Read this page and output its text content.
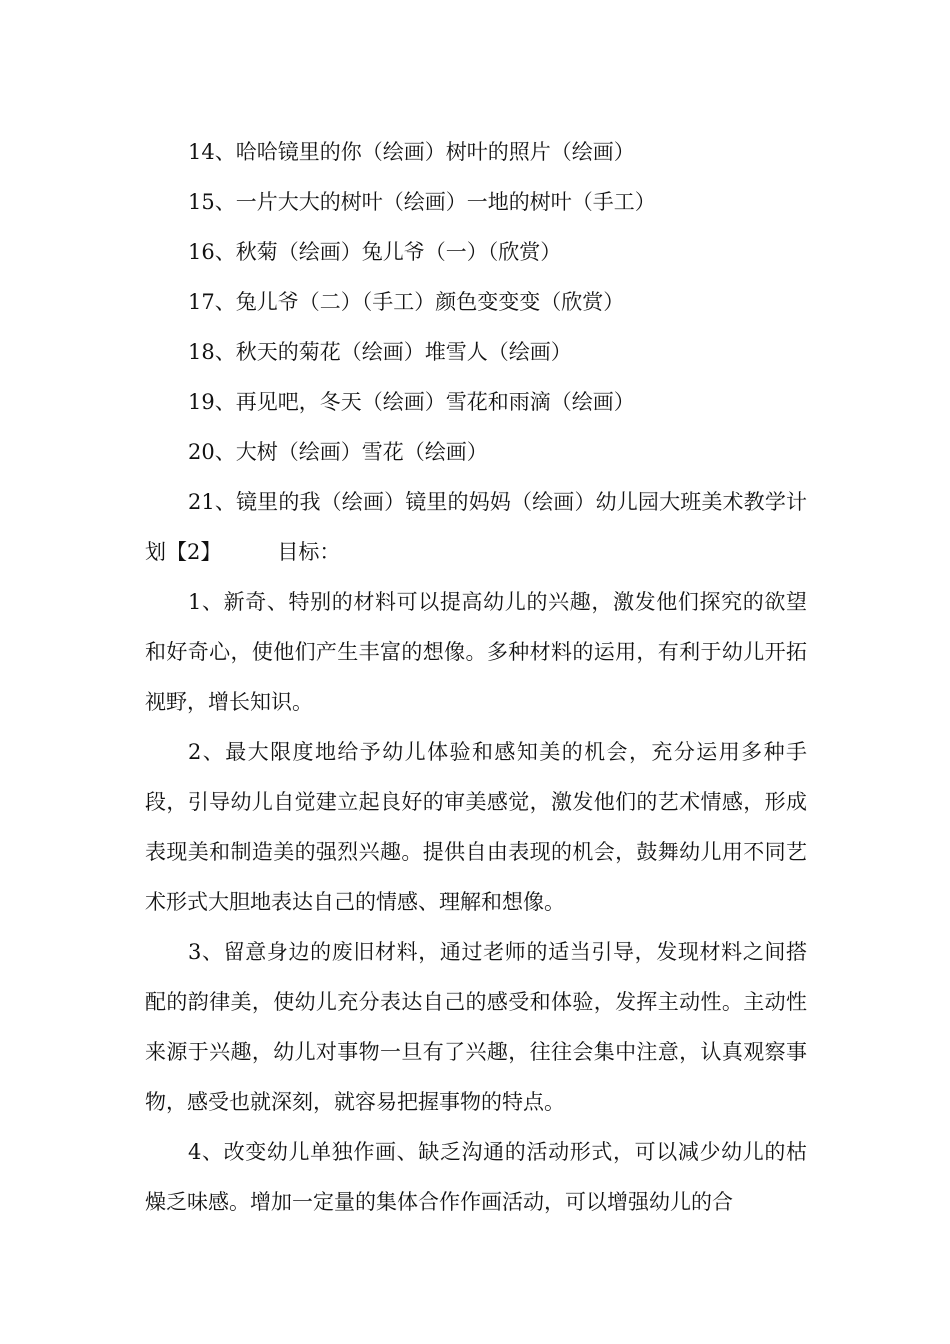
14、哈哈镜里的你（绘画）树叶的照片（绘画）

15、一片大大的树叶（绘画）一地的树叶（手工）

16、秋菊（绘画）兔儿爷（一）（欣赏）

17、兔儿爷（二）（手工）颜色变变变（欣赏）

18、秋天的菊花（绘画）堆雪人（绘画）

19、再见吧，冬天（绘画）雪花和雨滴（绘画）

20、大树（绘画）雪花（绘画）

21、镜里的我（绘画）镜里的妈妈（绘画）幼儿园大班美术教学计划【2】	目标：

1、新奇、特别的材料可以提高幼儿的兴趣，激发他们探究的欲望和好奇心，使他们产生丰富的想像。多种材料的运用，有利于幼儿开拓视野，增长知识。

2、最大限度地给予幼儿体验和感知美的机会，充分运用多种手段，引导幼儿自觉建立起良好的审美感觉，激发他们的艺术情感，形成表现美和制造美的强烈兴趣。提供自由表现的机会，鼓舞幼儿用不同艺术形式大胆地表达自己的情感、理解和想像。

3、留意身边的废旧材料，通过老师的适当引导，发现材料之间搭配的韵律美，使幼儿充分表达自己的感受和体验，发挥主动性。主动性来源于兴趣，幼儿对事物一旦有了兴趣，往往会集中注意，认真观察事物，感受也就深刻，就容易把握事物的特点。

4、改变幼儿单独作画、缺乏沟通的活动形式，可以减少幼儿的枯燥乏味感。增加一定量的集体合作作画活动，可以增强幼儿的合
